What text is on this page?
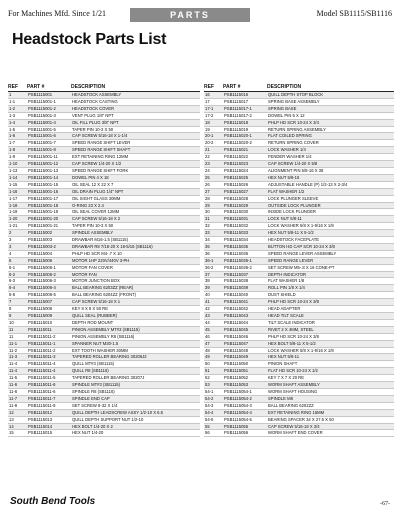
For Machines Mfd. Since 1/21	PARTS	Model SB1115/SB1116
Headstock Parts List
REF	PART #	DESCRIPTION
1	PSB1115001	HEADSTOCK ASSEMBLY
1-1	PSB1115001-1	HEADSTOCK CASTING
1-2	PSB1115001-2	HEADSTOCK COVER
1-3	PSB1115001-3	VENT PLUG 1/8" NPT
1-4	PSB1115001-4	OIL FILL PLUG 3/8" NPT
1-5	PSB1115001-5	TAPER PIN 10-3 X 50
1-6	PSB1115001-6	CAP SCREW 5/16-18 X 1-1/4
1-7	PSB1115001-7	SPEED RANGE SHIFT LEVER
1-8	PSB1115001-8	SPEED RANGE SHIFT SHAFT
1-9	PSB1115001-11	EXT RETAINING RING 12MM
1-10	PSB1115001-12	CAP SCREW 1/4-20 X 1/2
1-13	PSB1115001-13	SPEED RANGE SHIFT FORK
1-14	PSB1115001-14	DOWEL PIN 4 X 18
1-15	PSB1115001-15	OIL SEAL 12 X 22 X 7
1-16	PSB1115001-16	OIL DRAIN PLUG 1/4" NPT
1-17	PSB1115001-17	OIL SIGHT GLASS 30MM
1-18	PSB1115001-18	O-RING 23 X 2.4
1-19	PSB1115001-19	OIL SEAL COVER 12MM
1-20	PSB1115001-20	CAP SCREW 5/16-18 X 2
1-21	PSB1115001-21	TAPER PIN 10-3 X 50
2	PSB1115002	SPINDLE ASSEMBLY
3	PSB1115003	DRAWBAR M16-1.5 (SB1115)
3	PSB1115003-2	DRAWBAR R8 7/16-20 X 18-5/16 (SB1116)
4	PSB1115004	PHLP HD SCR M4-.7 X 10
6	PSB1115006	MOTOR 1HP 220V/440V 3-PH
6-1	PSB1115006-1	MOTOR FAN COVER
6-2	PSB1115006-2	MOTOR FAN
6-3	PSB1115006-3	MOTOR JUNCTION BOX
6-4	PSB1115006-4	BALL BEARING 6203ZZ (REAR)
6-5	PSB1115006-5	BALL BEARING 6204ZZ (FRONT)
7	PSB1115007	CAP SCREW 5/16-18 X 1
8	PSB1115008	KEY 8 X 8 X 50 RE
9	PSB1115009	QUILL SEAL (RUBBER)
10	PSB1115010	DEPTH ROD MOUNT
11	PSB1115011	PINION ASSEMBLY MT#3 (SB1115)
11	PSB1115011-2	PINION ASSEMBLY R8 (SB1116)
11-1	PSB1115011-1	SPANNER NUT M30-1.5
11-2	PSB1115011-2	EXT TOOTH WASHER 30MM
11-3	PSB1115011-3	TAPERED ROLLER BEARING 30206J2
11-4	PSB1115011-4	QUILL MT#3 (SB1115)
11-4	PSB1115011-4	QUILL R8 (SB1116)
11-5	PSB1115011-5	TAPERED ROLLER BEARING 30207J
11-6	PSB1115011-6	SPINDLE MT#3 (SB1115)
11-6	PSB1115011-6	SPINDLE R8 (SB1116)
11-7	PSB1115011-7	SPINDLE END CAP
11-8	PSB1115011-8	SET SCREW 8-32 X 1/4
12	PSB1115012	QUILL DEPTH LEADSCREW ASSY 1/2-10 X 6.5
13	PSB1115013	QUILL DEPTH SUPPORT NUT 1/2-10
14	PSB1115014	HEX BOLT 1/4-20 X 2
15	PSB1115015	HEX NUT 1/4-20
REF	PART #	DESCRIPTION
16	PSB1115016	QUILL DEPTH STOP BLOCK
17	PSB1115017	SPRING BASE ASSEMBLY
17-1	PSB1115017-1	SPRING BASE
17-2	PSB1115017-2	DOWEL PIN 5 X 12
18	PSB1115018	PHLP HD SCR 10-24 X 3/4
19	PSB1115019	RETURN SPRING ASSEMBLY
20-1	PSB1115020-1	FLAT COILED SPRING
20-2	PSB1115020-2	RETURN SPRING COVER
21	PSB1115021	LOCK WASHER 1/4
22	PSB1115022	FENDER WASHER 1/4
23	PSB1115023	CAP SCREW 1/4-20 X 5/8
24	PSB1115024	ALIGNMENT PIN 5/8-16 X 38
25	PSB1115025	HEX NUT 5/8-16
26	PSB1115026	ADJUSTABLE HANDLE (P) 1/2-13 X 2-3/4
27	PSB1115027	FLAT WASHER 1/2
28	PSB1115028	LOCK PLUNGER SLEEVE
29	PSB1115029	OUTSIDE LOCK PLUNGER
30	PSB1115030	INSIDE LOCK PLUNGER
31	PSB1115031	LOCK NUT 5/8-11
32	PSB1115032	LOCK WASHER 5/8 X 1-9/16 X 1/8
33	PSB1115033	HEX NUT 5/8-11 X 5-1/2
34	PSB1115034	HEADSTOCK FACEPLATE
35	PSB1115035	BUTTON HD CAP SCR 10-24 X 3/8
36	PSB1115036	SPEED RANGE LEVER ASSEMBLY
36-1	PSB1115036-1	SPEED RANGE LEVER
36-2	PSB1115036-2	SET SCREW M5-.8 X 16 CONE-PT
37	PSB1115037	DEPTH INDICATOR
38	PSB1115038	FLAT WASHER 1/8
39	PSB1115039	ROLL PIN 1/8 X 1/4
40	PSB1115040	DUST SHIELD
41	PSB1115041	PHLP HD SCR 10-24 X 3/8
42	PSB1115042	HEAD ADAPTER
43	PSB1115043	HEAD TILT SCALE
44	PSB1115044	TILT SCALE INDICATOR
45	PSB1115045	RIVET 2 X 4MM, STEEL
46	PSB1115046	PHLP HD SCR 10-24 X 3/8
47	PSB1115047	HEX BOLT 5/8-11 X 5-1/2
48	PSB1115048	LOCK WASHER 5/8 X 1-9/16 X 1/8
49	PSB1115049	HEX NUT 5/8-11
50	PSB1115050	PINION SHAFT
51	PSB1115051	FLAT HD SCR 10-24 X 1/2
52	PSB1115052	KEY 7 X 7 X 20 RE
53	PSB1115053	WORM SHAFT ASSEMBLY
54-1	PSB1115054-1	WORM SHAFT HOUSING
54-2	PSB1115054-2	SPINDLE M8
54-3	PSB1115054-3	BALL BEARING 6202ZZ
54-4	PSB1115054-4	EXT RETAINING RING 15MM
54-5	PSB1115054-5	BEARING SPACER 34 X 27.5 X 50
55	PSB1115055	CAP SCREW 5/16-18 X 3/4
56	PSB1115056	WORM SHAFT END COVER
South Bend Tools	-67-
